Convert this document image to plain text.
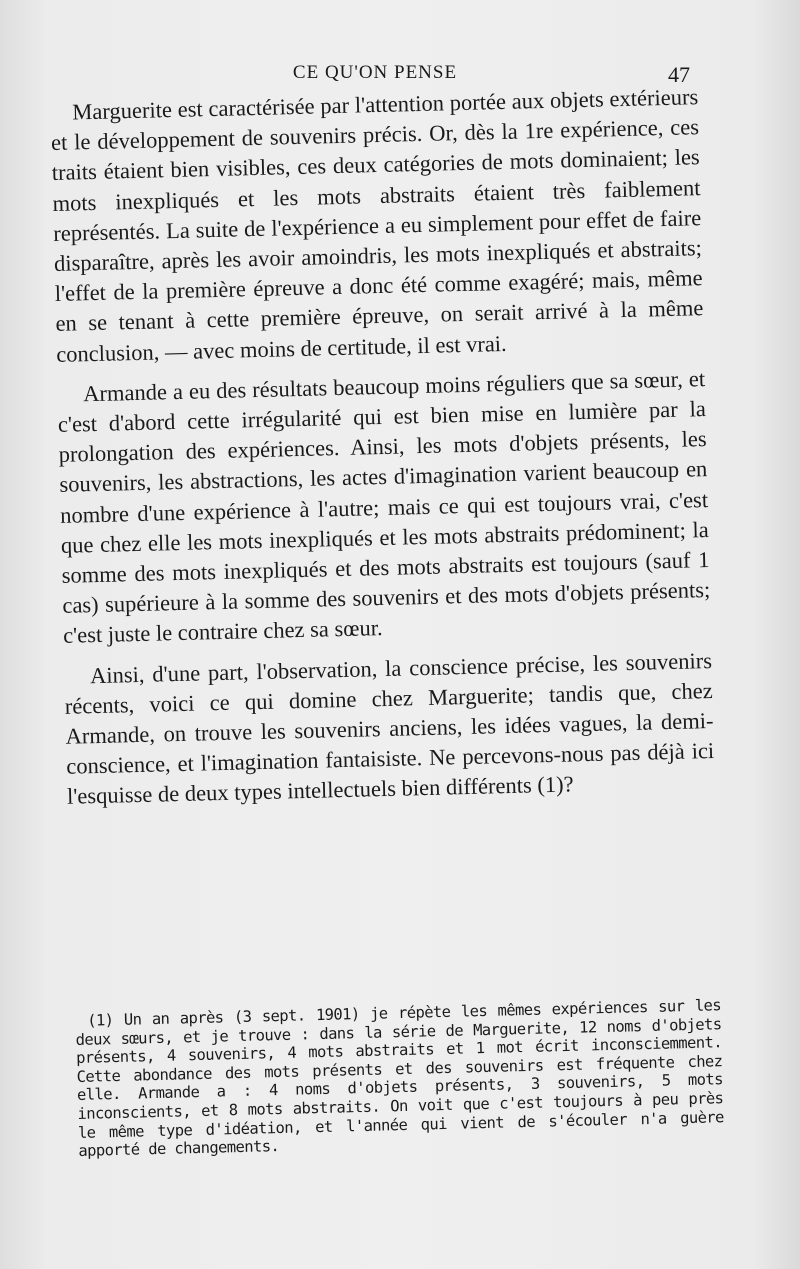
CE QU'ON PENSE	47

Marguerite est caractérisée par l'attention portée aux objets extérieurs et le développement de souvenirs précis. Or, dès la 1re expérience, ces traits étaient bien visibles, ces deux catégories de mots dominaient; les mots inexpliqués et les mots abstraits étaient très faiblement représentés. La suite de l'expérience a eu simplement pour effet de faire disparaître, après les avoir amoindris, les mots inexpliqués et abstraits; l'effet de la première épreuve a donc été comme exagéré; mais, même en se tenant à cette première épreuve, on serait arrivé à la même conclusion, — avec moins de certitude, il est vrai.

Armande a eu des résultats beaucoup moins réguliers que sa sœur, et c'est d'abord cette irrégularité qui est bien mise en lumière par la prolongation des expériences. Ainsi, les mots d'objets présents, les souvenirs, les abstractions, les actes d'imagination varient beaucoup en nombre d'une expérience à l'autre; mais ce qui est toujours vrai, c'est que chez elle les mots inexpliqués et les mots abstraits prédominent; la somme des mots inexpliqués et des mots abstraits est toujours (sauf 1 cas) supérieure à la somme des souvenirs et des mots d'objets présents; c'est juste le contraire chez sa sœur.

Ainsi, d'une part, l'observation, la conscience précise, les souvenirs récents, voici ce qui domine chez Marguerite; tandis que, chez Armande, on trouve les souvenirs anciens, les idées vagues, la demi-conscience, et l'imagination fantaisiste. Ne percevons-nous pas déjà ici l'esquisse de deux types intellectuels bien différents (1)?

(1) Un an après (3 sept. 1901) je répète les mêmes expériences sur les deux sœurs, et je trouve : dans la série de Marguerite, 12 noms d'objets présents, 4 souvenirs, 4 mots abstraits et 1 mot écrit inconsciemment. Cette abondance des mots présents et des souvenirs est fréquente chez elle. Armande a : 4 noms d'objets présents, 3 souvenirs, 5 mots inconscients, et 8 mots abstraits. On voit que c'est toujours à peu près le même type d'idéation, et l'année qui vient de s'écouler n'a guère apporté de changements.
